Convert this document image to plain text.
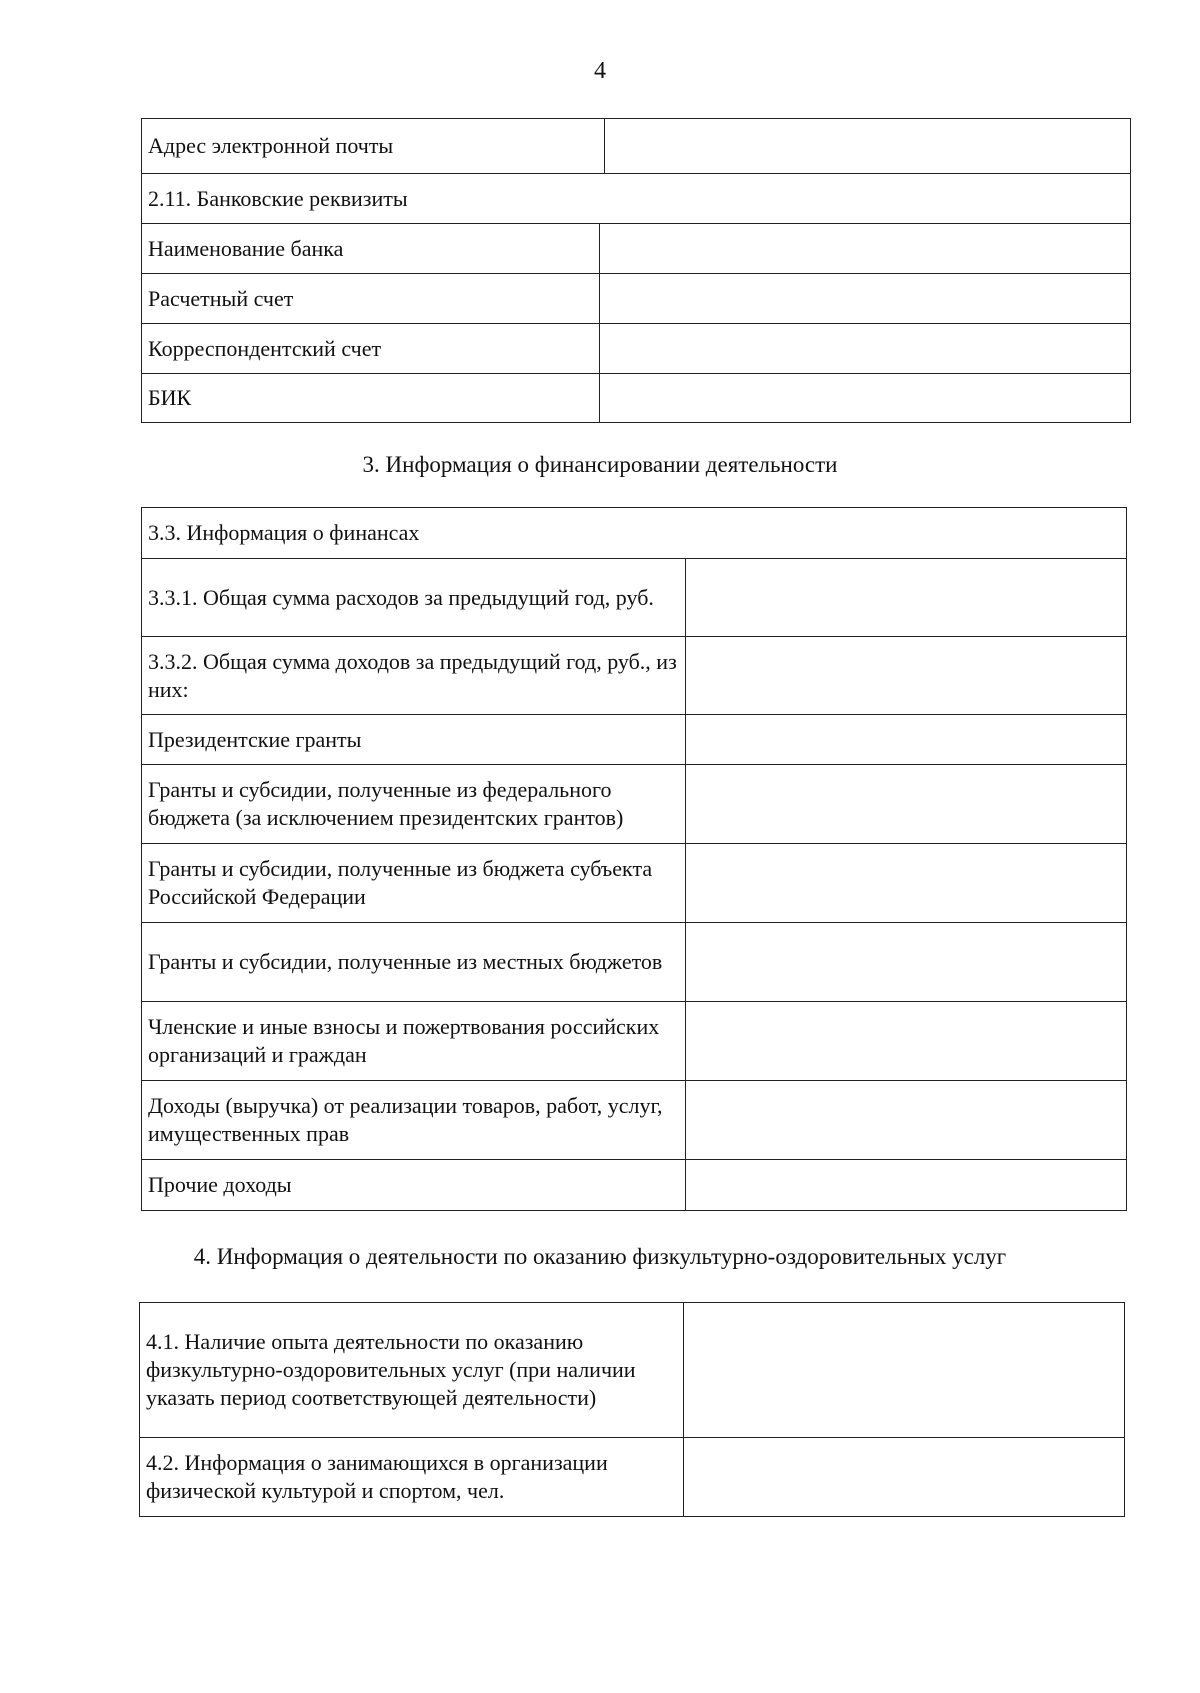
4
Адрес электронной почты	
2.11. Банковские реквизиты	
Наименование банка	
Расчетный счет	
Корреспондентский счет	
БИК	
3. Информация о финансировании деятельности
3.3. Информация о финансах	
3.3.1. Общая сумма расходов за предыдущий год, руб.	
3.3.2. Общая сумма доходов за предыдущий год, руб., из них:	
Президентские гранты	
Гранты и субсидии, полученные из федерального бюджета (за исключением президентских грантов)	
Гранты и субсидии, полученные из бюджета субъекта Российской Федерации	
Гранты и субсидии, полученные из местных бюджетов	
Членские и иные взносы и пожертвования российских организаций и граждан	
Доходы (выручка) от реализации товаров, работ, услуг, имущественных прав	
Прочие доходы	
4. Информация о деятельности по оказанию физкультурно-оздоровительных услуг
4.1. Наличие опыта деятельности по оказанию физкультурно-оздоровительных услуг (при наличии указать период соответствующей деятельности)	
4.2. Информация о занимающихся в организации физической культурой и спортом, чел.	
